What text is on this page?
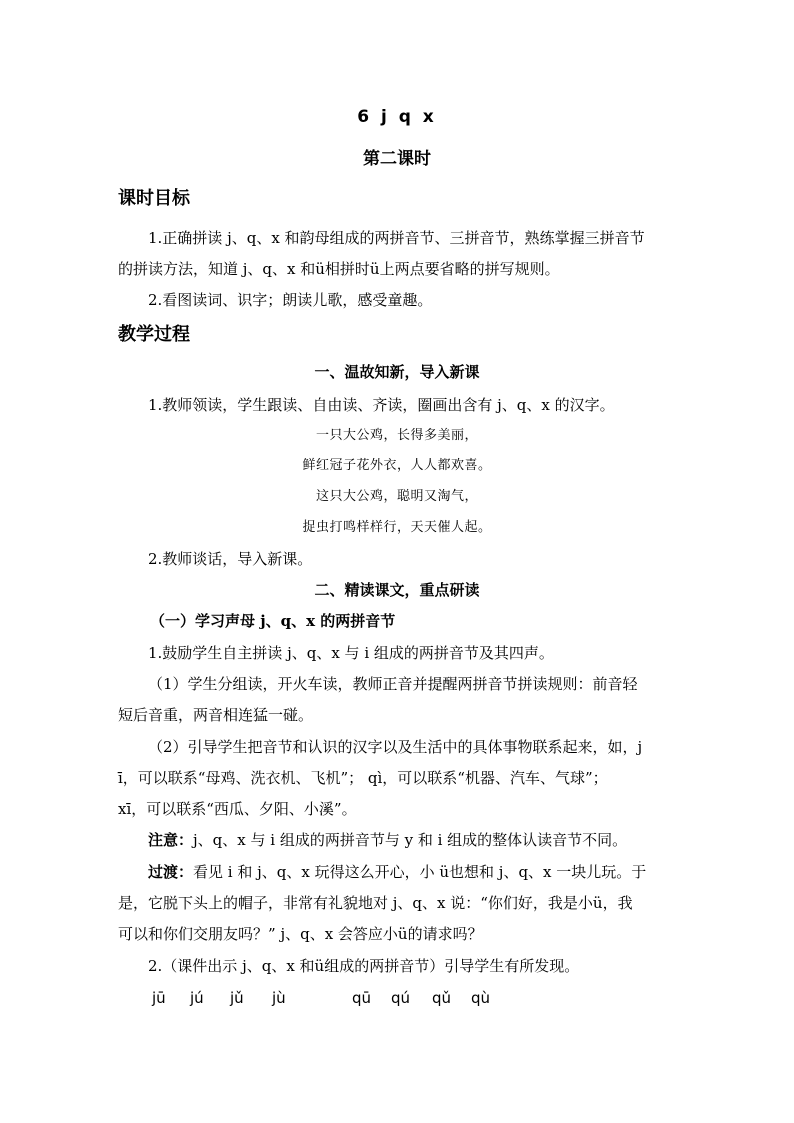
6 j q x
第二课时
课时目标
1.正确拼读 j、q、x 和韵母组成的两拼音节、三拼音节，熟练掌握三拼音节
的拼读方法，知道 j、q、x 和ü相拼时ü上两点要省略的拼写规则。
2.看图读词、识字；朗读儿歌，感受童趣。
教学过程
一、温故知新，导入新课
1.教师领读，学生跟读、自由读、齐读，圈画出含有 j、q、x 的汉字。
一只大公鸡，长得多美丽，
鲜红冠子花外衣，人人都欢喜。
这只大公鸡，聪明又淘气，
捉虫打鸣样样行，天天催人起。
2.教师谈话，导入新课。
二、精读课文，重点研读
（一）学习声母 j、q、x 的两拼音节
1.鼓励学生自主拼读 j、q、x 与 i 组成的两拼音节及其四声。
（1）学生分组读，开火车读，教师正音并提醒两拼音节拼读规则：前音轻
短后音重，两音相连猛一碰。
（2）引导学生把音节和认识的汉字以及生活中的具体事物联系起来，如，j
ī，可以联系“母鸡、洗衣机、飞机”； qì，可以联系“机器、汽车、气球”；
xī，可以联系“西瓜、夕阳、小溪”。
注意：j、q、x 与 i 组成的两拼音节与 y 和 i 组成的整体认读音节不同。
过渡：看见 i 和 j、q、x 玩得这么开心，小 ü也想和 j、q、x 一块儿玩。于
是，它脱下头上的帽子，非常有礼貌地对 j、q、x 说：“你们好，我是小ü，我
可以和你们交朋友吗？” j、q、x 会答应小ü的请求吗？
2.（课件出示 j、q、x 和ü组成的两拼音节）引导学生有所发现。
jū jú jǔ jù	qū qú qǔ qù
